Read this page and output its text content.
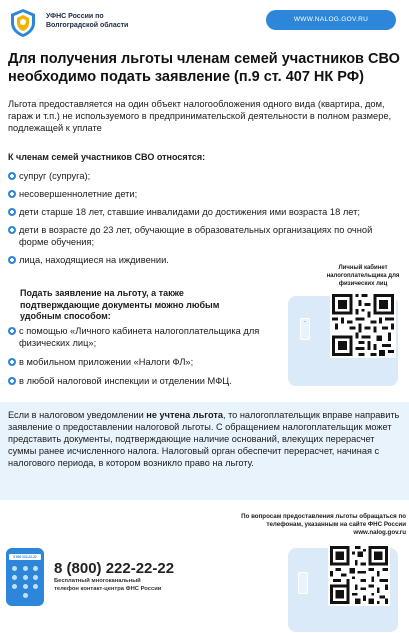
УФНС России по
Волгоградской области
WWW.NALOG.GOV.RU
Для получения льготы членам семей участников СВО необходимо подать заявление (п.9 ст. 407 НК РФ)
Льгота предоставляется на один объект налогообложения одного вида (квартира, дом, гараж и т.п.) не используемого в предпринимательской деятельности в полном размере, подлежащей к уплате
К членам семей участников СВО относятся:
супруг (супруга);
несовершеннолетние дети;
дети старше 18 лет, ставшие инвалидами до достижения ими возраста 18 лет;
дети в возрасте до 23 лет, обучающие в образовательных организациях по очной форме обучения;
лица, находящиеся на иждивении.
Личный кабинет налогоплательщика для физических лиц
Подать заявление на льготу, а также подтверждающие документы можно любым удобным способом:
с помощью «Личного кабинета налогоплательщика для физических лиц»;
в мобильном приложении «Налоги ФЛ»;
в любой налоговой инспекции и отделении МФЦ.
Если в налоговом уведомлении не учтена льгота, то налогоплательщик вправе направить заявление о предоставлении налоговой льготы. С обращением налогоплательщик может представить документы, подтверждающие наличие оснований, влекущих перерасчет суммы ранее исчисленного налога. Налоговый орган обеспечит перерасчет, начиная с налогового периода, в котором возникло право на льготу.
По вопросам предоставления льготы обращаться по телефонам, указанным на сайте ФНС России www.nalog.gov.ru
8 800 222-22-22
8 (800) 222-22-22
Бесплатный многоканальный телефон контакт-центра ФНС России
